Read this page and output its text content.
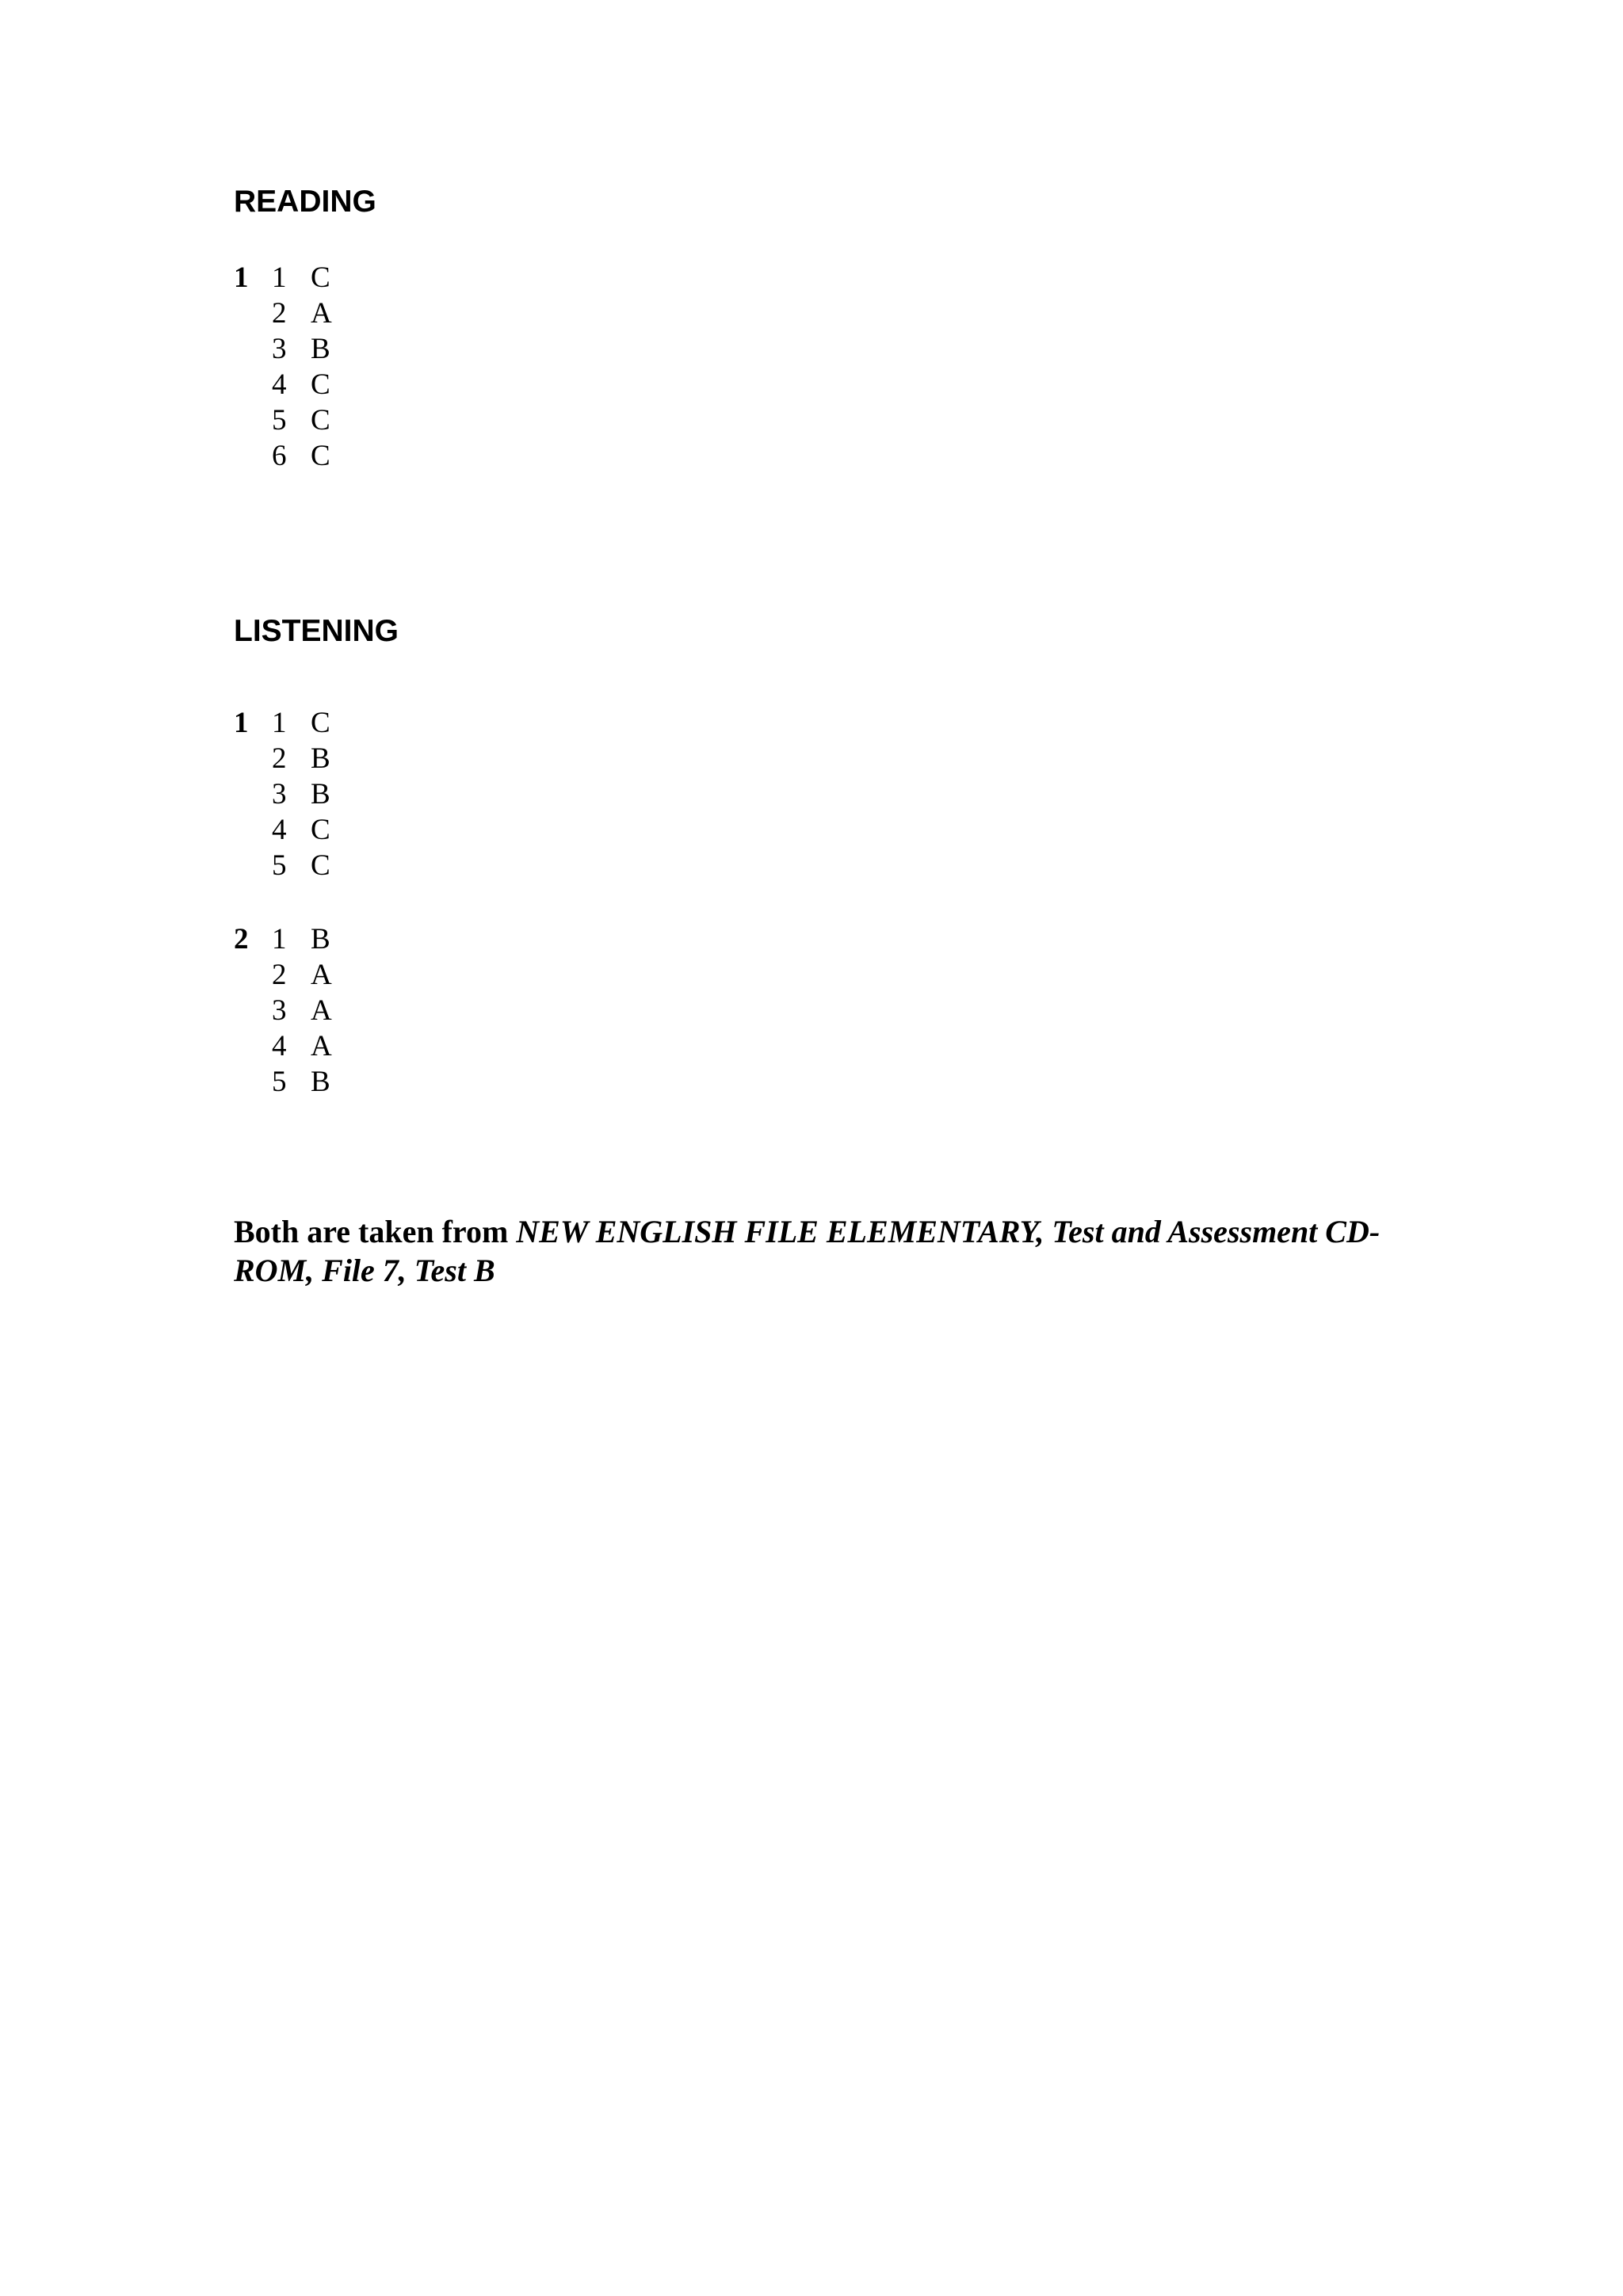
READING
1 1 C
2 A
3 B
4 C
5 C
6 C
LISTENING
1 1 C
2 B
3 B
4 C
5 C
2 1 B
2 A
3 A
4 A
5 B

Both are taken from NEW ENGLISH FILE ELEMENTARY, Test and Assessment CD-ROM, File 7, Test B
